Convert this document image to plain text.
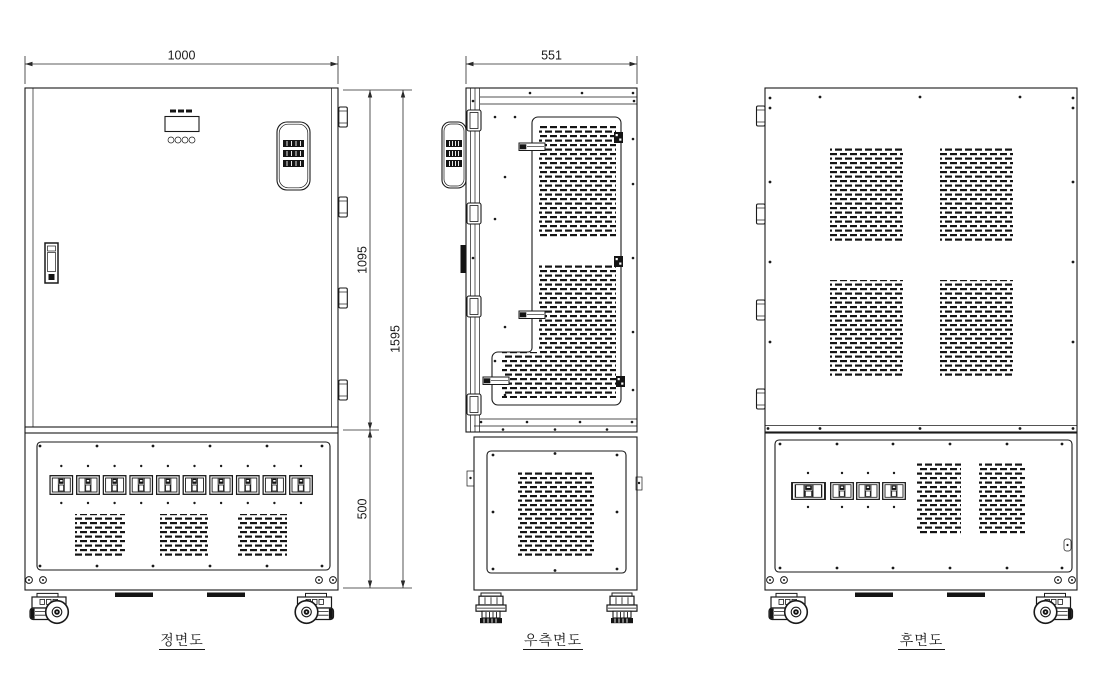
1000
1095
1595
500
정면도
551
우측면도	후면도
